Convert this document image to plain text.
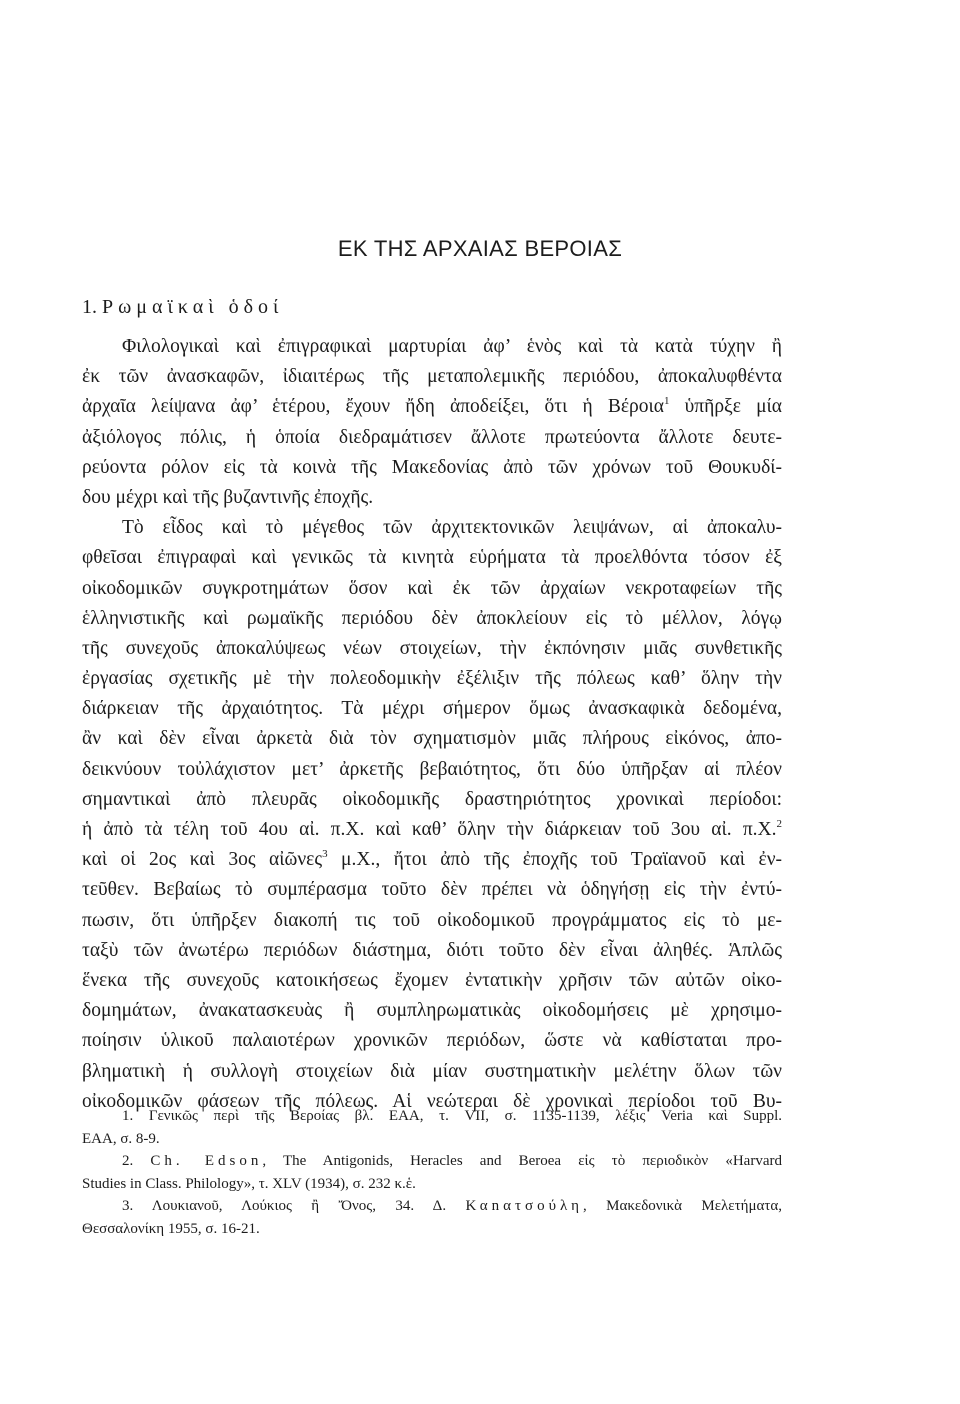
ΕΚ ΤΗΣ ΑΡΧΑΙΑΣ ΒΕΡΟΙΑΣ
1. Ρωμαϊκαὶ ὁδοί
Φιλολογικαὶ καὶ ἐπιγραφικαὶ μαρτυρίαι ἀφ’ ἑνὸς καὶ τὰ κατὰ τύχην ἢ
ἐκ τῶν ἀνασκαφῶν, ἰδιαιτέρως τῆς μεταπολεμικῆς περιόδου, ἀποκαλυφθέντα
ἀρχαῖα λείψανα ἀφ’ ἑτέρου, ἔχουν ἤδη ἀποδείξει, ὅτι ἡ Βέροια$^1$ ὑπῆρξε μία
ἀξιόλογος πόλις, ἡ ὁποία διεδραμάτισεν ἄλλοτε πρωτεύοντα ἄλλοτε δευτε-
ρεύοντα ρόλον εἰς τὰ κοινὰ τῆς Μακεδονίας ἀπὸ τῶν χρόνων τοῦ Θουκυδί-
δου μέχρι καὶ τῆς βυζαντινῆς ἐποχῆς.
Τὸ εἶδος καὶ τὸ μέγεθος τῶν ἀρχιτεκτονικῶν λειψάνων, αἱ ἀποκαλυ-
φθεῖσαι ἐπιγραφαὶ καὶ γενικῶς τὰ κινητὰ εὑρήματα τὰ προελθόντα τόσον ἐξ
οἰκοδομικῶν συγκροτημάτων ὅσον καὶ ἐκ τῶν ἀρχαίων νεκροταφείων τῆς
ἑλληνιστικῆς καὶ ρωμαϊκῆς περιόδου δὲν ἀποκλείουν εἰς τὸ μέλλον, λόγῳ
τῆς συνεχοῦς ἀποκαλύψεως νέων στοιχείων, τὴν ἐκπόνησιν μιᾶς συνθετικῆς
ἐργασίας σχετικῆς μὲ τὴν πολεοδομικὴν ἐξέλιξιν τῆς πόλεως καθ’ ὅλην τὴν
διάρκειαν τῆς ἀρχαιότητος. Τὰ μέχρι σήμερον ὅμως ἀνασκαφικὰ δεδομένα,
ἂν καὶ δὲν εἶναι ἀρκετὰ διὰ τὸν σχηματισμὸν μιᾶς πλήρους εἰκόνος, ἀπο-
δεικνύουν τοὐλάχιστον μετ’ ἀρκετῆς βεβαιότητος, ὅτι δύο ὑπῆρξαν αἱ πλέον
σημαντικαὶ ἀπὸ πλευρᾶς οἰκοδομικῆς δραστηριότητος χρονικαὶ περίοδοι:
ἡ ἀπὸ τὰ τέλη τοῦ 4ου αἰ. π.Χ. καὶ καθ’ ὅλην τὴν διάρκειαν τοῦ 3ου αἰ. π.Χ.$^2$
καὶ οἱ 2ος καὶ 3ος αἰῶνες$^3$ μ.Χ., ἤτοι ἀπὸ τῆς ἐποχῆς τοῦ Τραϊανοῦ καὶ ἐν-
τεῦθεν. Βεβαίως τὸ συμπέρασμα τοῦτο δὲν πρέπει νὰ ὁδηγήσῃ εἰς τὴν ἐντύ-
πωσιν, ὅτι ὑπῆρξεν διακοπή τις τοῦ οἰκοδομικοῦ προγράμματος εἰς τὸ με-
ταξὺ τῶν ἀνωτέρω περιόδων διάστημα, διότι τοῦτο δὲν εἶναι ἀληθές. Ἁπλῶς
ἕνεκα τῆς συνεχοῦς κατοικήσεως ἔχομεν ἐντατικὴν χρῆσιν τῶν αὐτῶν οἰκο-
δομημάτων, ἀνακατασκευὰς ἢ συμπληρωματικὰς οἰκοδομήσεις μὲ χρησιμο-
ποίησιν ὑλικοῦ παλαιοτέρων χρονικῶν περιόδων, ὥστε νὰ καθίσταται προ-
βληματικὴ ἡ συλλογὴ στοιχείων διὰ μίαν συστηματικὴν μελέτην ὅλων τῶν
οἰκοδομικῶν φάσεων τῆς πόλεως. Αἱ νεώτεραι δὲ χρονικαὶ περίοδοι τοῦ Βυ-
1. Γενικῶς περὶ τῆς Βεροίας βλ. ΕΑΑ, τ. VII, σ. 1135-1139, λέξις Veria καὶ Suppl.
ΕΑΑ, σ. 8-9.
2. Ch. Edson, The Antigonids, Heracles and Beroea εἰς τὸ περιοδικὸν «Harvard
Studies in Class. Philology», τ. XLV (1934), σ. 232 κ.ἑ.
3. Λουκιανοῦ, Λούκιος ἢ Ὄνος, 34. Δ. Καnατσούλη, Μακεδονικὰ Μελετήματα,
Θεσσαλονίκη 1955, σ. 16-21.
